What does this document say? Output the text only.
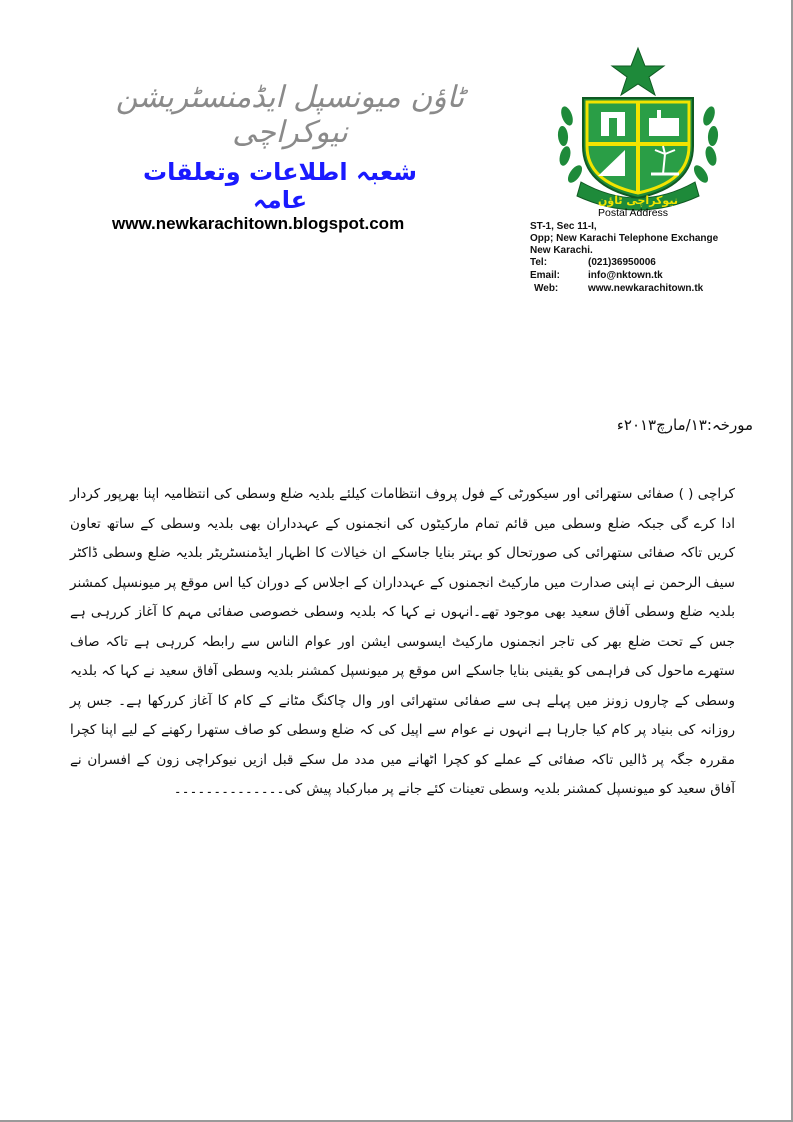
ٹاؤن میونسپل ایڈمنسٹریشن نیوکراچی
شعبہ اطلاعات وتعلقات عامہ
www.newkarachitown.blogspot.com
نیوکراچی ٹاؤن
Postal Address
ST-1, Sec 11-I,
Opp; New Karachi Telephone Exchange
New Karachi.
Tel:	(021)36950006
Email:	info@nktown.tk
Web:	www.newkarachitown.tk
مورخہ:۱۳/مارچ۲۰۱۳ء

کراچی ( ) صفائی ستھرائی اور سیکورٹی کے فول پروف انتظامات کیلئے بلدیہ ضلع وسطی کی انتظامیہ اپنا بھرپور کردار ادا کرے گی جبکہ ضلع وسطی میں قائم تمام مارکیٹوں کی انجمنوں کے عہدداران بھی بلدیہ وسطی کے ساتھ تعاون کریں تاکہ صفائی ستھرائی کی صورتحال کو بہتر بنایا جاسکے ان خیالات کا اظہار ایڈمنسٹریٹر بلدیہ ضلع وسطی ڈاکٹر سیف الرحمن نے اپنی صدارت میں مارکیٹ انجمنوں کے عہدداران کے اجلاس کے دوران کیا اس موقع پر میونسپل کمشنر بلدیہ ضلع وسطی آفاق سعید بھی موجود تھے۔انہوں نے کہا کہ بلدیہ وسطی خصوصی صفائی مہم کا آغاز کررہی ہے جس کے تحت ضلع بھر کی تاجر انجمنوں مارکیٹ ایسوسی ایشن اور عوام الناس سے رابطہ کررہی ہے تاکہ صاف ستھرے ماحول کی فراہمی کو یقینی بنایا جاسکے اس موقع پر میونسپل کمشنر بلدیہ وسطی آفاق سعید نے کہا کہ بلدیہ وسطی کے چاروں زونز میں پہلے ہی سے صفائی ستھرائی اور وال چاکنگ مٹانے کے کام کا آغاز کررکھا ہے۔ جس پر روزانہ کی بنیاد پر کام کیا جارہا ہے انہوں نے عوام سے اپیل کی کہ ضلع وسطی کو صاف ستھرا رکھنے کے لیے اپنا کچرا مقررہ جگہ پر ڈالیں تاکہ صفائی کے عملے کو کچرا اٹھانے میں مدد مل سکے قبل ازیں نیوکراچی زون کے افسران نے آفاق سعید کو میونسپل کمشنر بلدیہ وسطی تعینات کئے جانے پر مبارکباد پیش کی۔۔۔۔۔۔۔۔۔۔۔۔۔۔
